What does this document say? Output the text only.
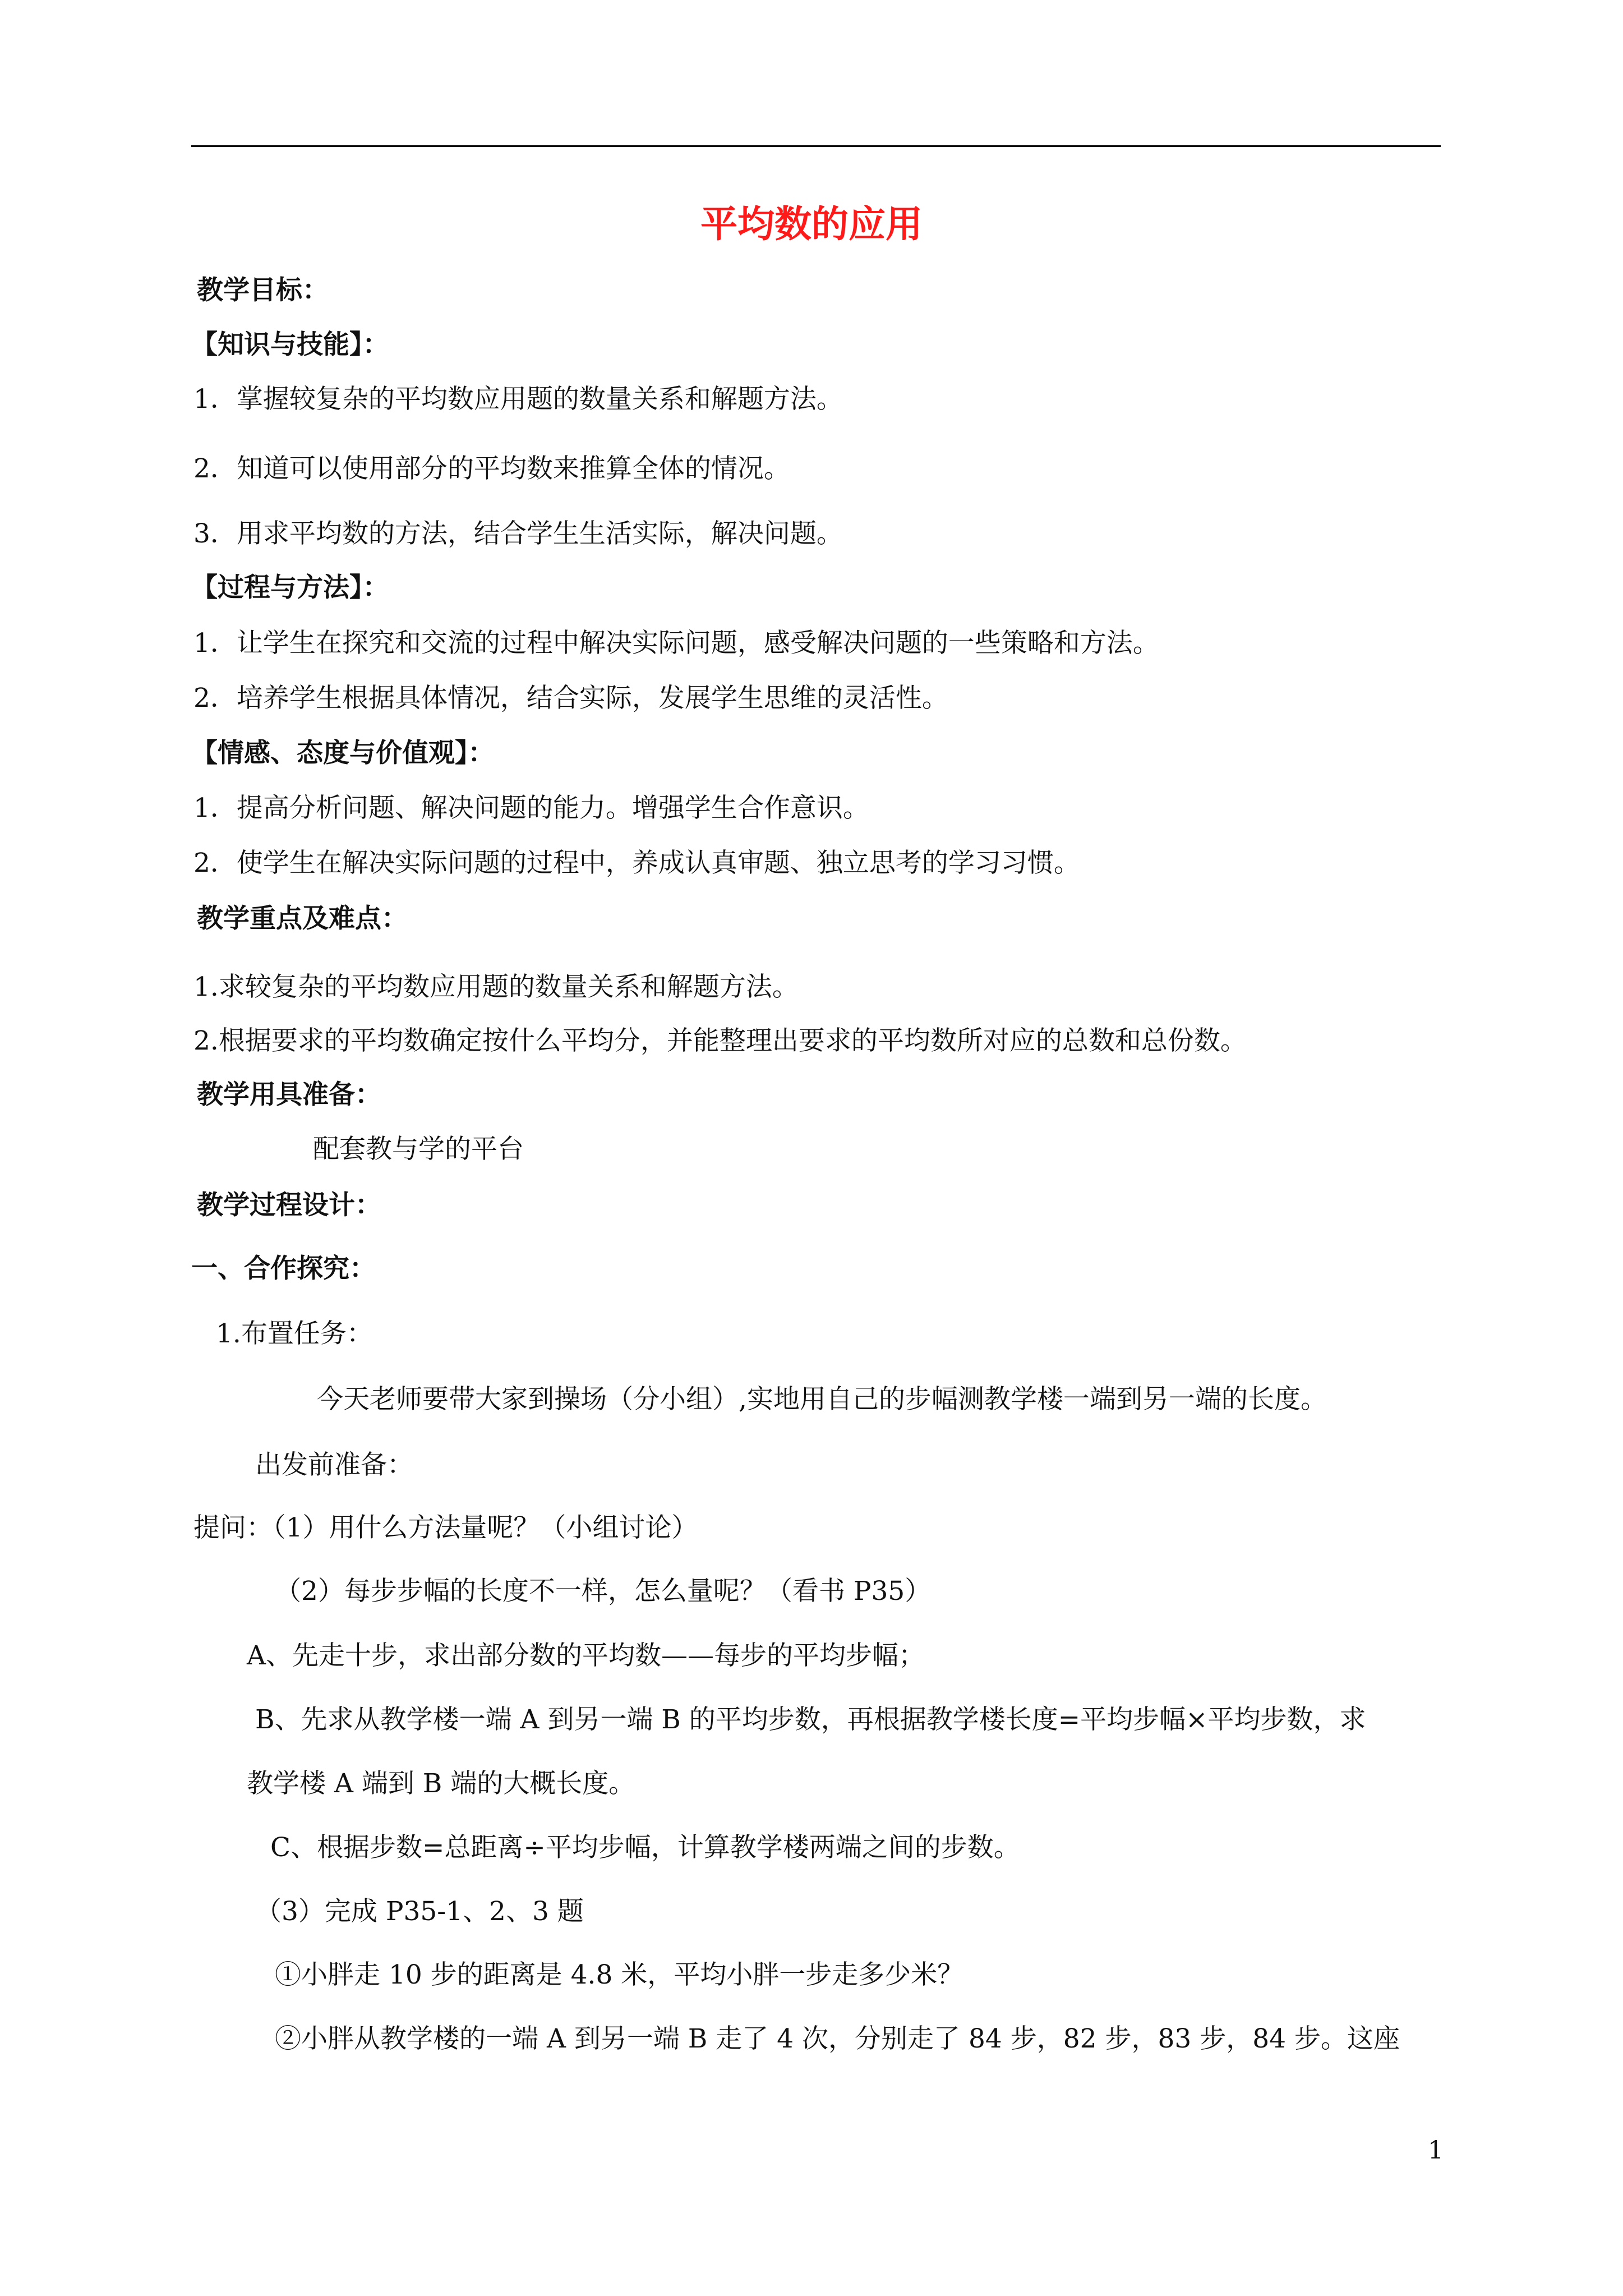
平均数的应用
教学目标：
【知识与技能】：
1．掌握较复杂的平均数应用题的数量关系和解题方法。
2．知道可以使用部分的平均数来推算全体的情况。
3．用求平均数的方法，结合学生生活实际，解决问题。
【过程与方法】：
1．让学生在探究和交流的过程中解决实际问题，感受解决问题的一些策略和方法。
2．培养学生根据具体情况，结合实际，发展学生思维的灵活性。
【情感、态度与价值观】：
1．提高分析问题、解决问题的能力。增强学生合作意识。
2．使学生在解决实际问题的过程中，养成认真审题、独立思考的学习习惯。
教学重点及难点：
1.求较复杂的平均数应用题的数量关系和解题方法。
2.根据要求的平均数确定按什么平均分，并能整理出要求的平均数所对应的总数和总份数。
教学用具准备：
配套教与学的平台
教学过程设计：
一、合作探究：
1.布置任务：
今天老师要带大家到操场（分小组）,实地用自己的步幅测教学楼一端到另一端的长度。
出发前准备：
提问：（1）用什么方法量呢？（小组讨论）
（2）每步步幅的长度不一样，怎么量呢？（看书 P35）
A、先走十步，求出部分数的平均数——每步的平均步幅；
B、先求从教学楼一端 A 到另一端 B 的平均步数，再根据教学楼长度=平均步幅×平均步数，求
教学楼 A 端到 B 端的大概长度。
C、根据步数=总距离÷平均步幅，计算教学楼两端之间的步数。
（3）完成 P35-1、2、3 题
①小胖走 10 步的距离是 4.8 米，平均小胖一步走多少米？
②小胖从教学楼的一端 A 到另一端 B 走了 4 次，分别走了 84 步，82 步，83 步，84 步。这座
1
